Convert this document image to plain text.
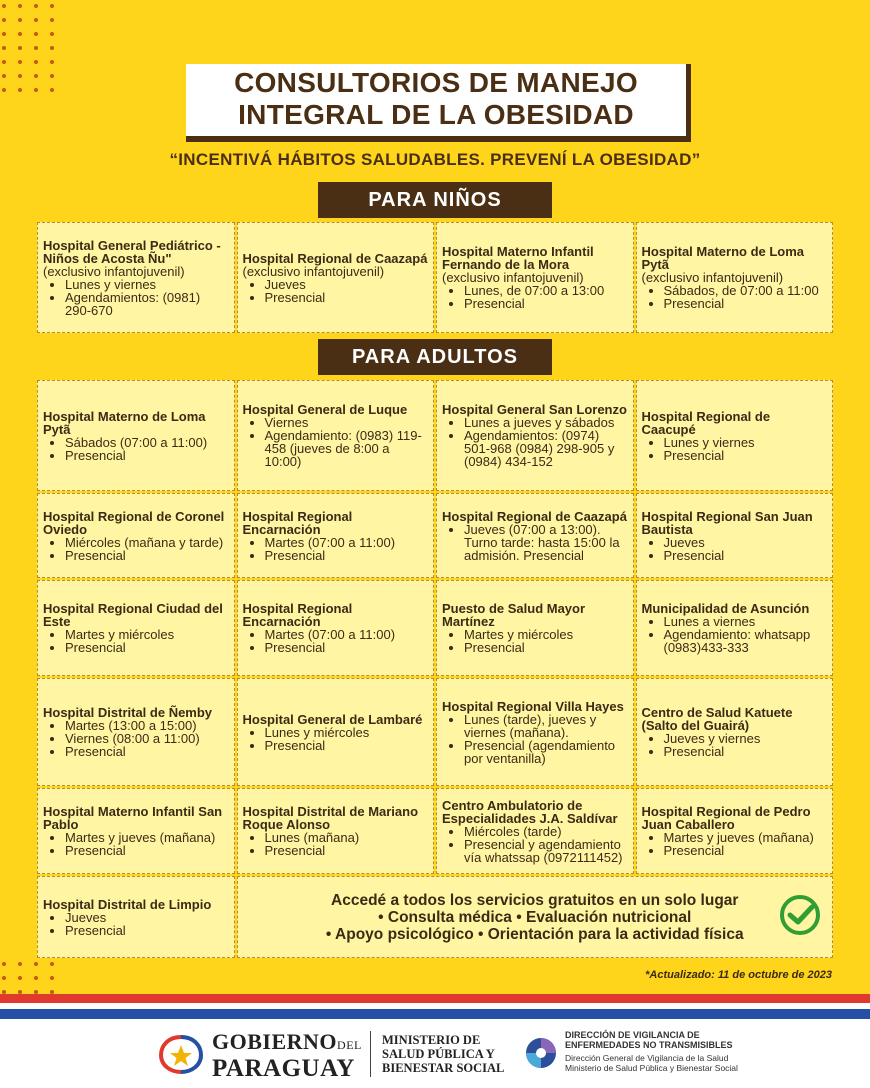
CONSULTORIOS DE MANEJO
INTEGRAL DE LA OBESIDAD
“INCENTIVÁ HÁBITOS SALUDABLES. PREVENÍ LA OBESIDAD”
PARA NIÑOS
Hospital General Pediátrico - Niños de Acosta Ñu"
(exclusivo infantojuvenil)
• Lunes y viernes
• Agendamientos: (0981) 290-670
Hospital Regional de Caazapá
(exclusivo infantojuvenil)
• Jueves
• Presencial
Hospital Materno Infantil Fernando de la Mora
(exclusivo infantojuvenil)
• Lunes, de 07:00 a 13:00
• Presencial
Hospital Materno de Loma Pytã
(exclusivo infantojuvenil)
• Sábados, de 07:00 a 11:00
• Presencial
PARA ADULTOS
Hospital Materno de Loma Pytã
• Sábados (07:00 a 11:00)
• Presencial
Hospital General de Luque
• Viernes
• Agendamiento: (0983) 119-458 (jueves de 8:00 a 10:00)
Hospital General San Lorenzo
• Lunes a jueves y sábados
• Agendamientos: (0974) 501-968 (0984) 298-905 y (0984) 434-152
Hospital Regional de Caacupé
• Lunes y viernes
• Presencial
Hospital Regional de Coronel Oviedo
• Miércoles (mañana y tarde)
• Presencial
Hospital Regional Encarnación
• Martes (07:00 a 11:00)
• Presencial
Hospital Regional de Caazapá
• Jueves (07:00 a 13:00). Turno tarde: hasta 15:00 la admisión. Presencial
Hospital Regional San Juan Bautista
• Jueves
• Presencial
Hospital Regional Ciudad del Este
• Martes y miércoles
• Presencial
Hospital Regional Encarnación
• Martes (07:00 a 11:00)
• Presencial
Puesto de Salud Mayor Martínez
• Martes y miércoles
• Presencial
Municipalidad de Asunción
• Lunes a viernes
• Agendamiento: whatsapp (0983)433-333
Hospital Distrital de Ñemby
• Martes (13:00 a 15:00)
• Viernes (08:00 a 11:00)
• Presencial
Hospital General de Lambaré
• Lunes y miércoles
• Presencial
Hospital Regional Villa Hayes
• Lunes (tarde), jueves y viernes (mañana).
• Presencial (agendamiento por ventanilla)
Centro de Salud Katuete (Salto del Guairá)
• Jueves y viernes
• Presencial
Hospital Materno Infantil San Pablo
• Martes y jueves (mañana)
• Presencial
Hospital Distrital de Mariano Roque Alonso
• Lunes (mañana)
• Presencial
Centro Ambulatorio de Especialidades J.A. Saldívar
• Miércoles (tarde)
• Presencial y agendamiento vía whatssap (0972111452)
Hospital Regional de Pedro Juan Caballero
• Martes y jueves (mañana)
• Presencial
Hospital Distrital de Limpio
• Jueves
• Presencial
Accedé a todos los servicios gratuitos en un solo lugar
• Consulta médica • Evaluación nutricional
• Apoyo psicológico • Orientación para la actividad física
*Actualizado: 11 de octubre de 2023
GOBIERNODEL
PARAGUAY
MINISTERIO DE
SALUD PÚBLICA Y
BIENESTAR SOCIAL
DIRECCIÓN DE VIGILANCIA DE
ENFERMEDADES NO TRANSMISIBLES
Dirección General de Vigilancia de la Salud
Ministerio de Salud Pública y Bienestar Social
